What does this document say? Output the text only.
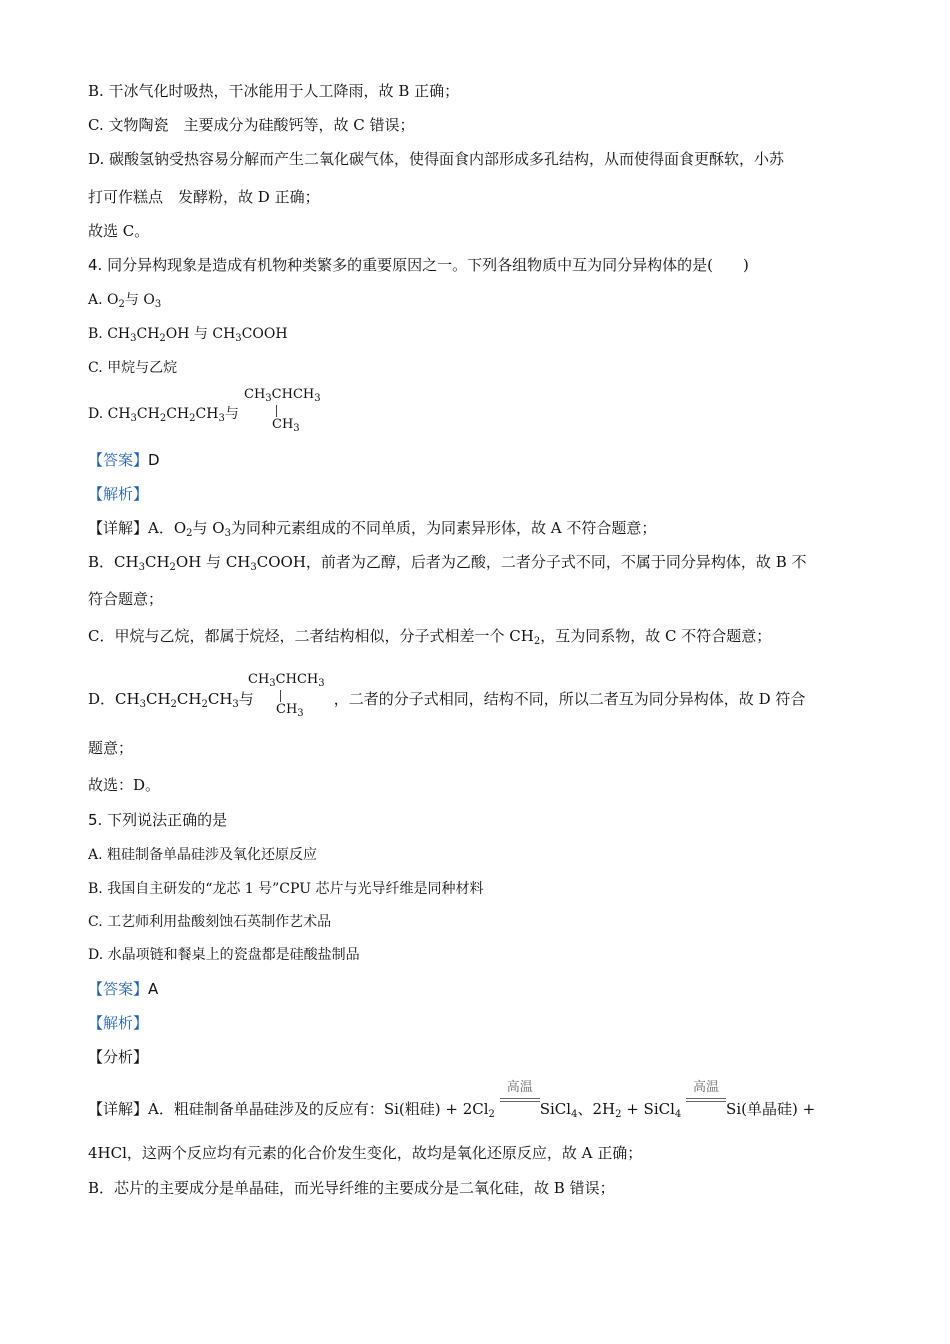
B. 干冰气化时吸热，干冰能用于人工降雨，故 B 正确；
C. 文物陶瓷　主要成分为硅酸钙等，故 C 错误；
D. 碳酸氢钠受热容易分解而产生二氧化碳气体，使得面食内部形成多孔结构，从而使得面食更酥软，小苏
打可作糕点　发酵粉，故 D 正确；
故选 C。
4. 同分异构现象是造成有机物种类繁多的重要原因之一。下列各组物质中互为同分异构体的是(　　)
A. $O_2$与 $O_3$
B. $CH_3CH_2OH$ 与 $CH_3COOH$
C. 甲烷与乙烷
D. $CH_3CH_2CH_2CH_3$与
$CH_3CHCH_3$
$CH_3$
【答案】D
【解析】
【详解】A．$O_2$与 $O_3$为同种元素组成的不同单质，为同素异形体，故 A 不符合题意；
B．$CH_3CH_2OH$ 与 $CH_3COOH$，前者为乙醇，后者为乙酸，二者分子式不同，不属于同分异构体，故 B 不
符合题意；
C．甲烷与乙烷，都属于烷烃，二者结构相似，分子式相差一个 $CH_2$，互为同系物，故 C 不符合题意；
D．$CH_3CH_2CH_2CH_3$与	，二者的分子式相同，结构不同，所以二者互为同分异构体，故 D 符合
$CH_3CHCH_3$
$CH_3$
题意；
故选：D。
5. 下列说法正确的是
A. 粗硅制备单晶硅涉及氧化还原反应
B. 我国自主研发的“龙芯 1 号”CPU 芯片与光导纤维是同种材料
C. 工艺师利用盐酸刻蚀石英制作艺术品
D. 水晶项链和餐桌上的瓷盘都是硅酸盐制品
【答案】A
【解析】
【分析】
【详解】A．粗硅制备单晶硅涉及的反应有：Si(粗硅) + $2Cl_2$
高温
SiCl$_4$、$2H_2$ + SiCl$_4$
高温
Si(单晶硅) +
4HCl，这两个反应均有元素的化合价发生变化，故均是氧化还原反应，故 A 正确；
B．芯片的主要成分是单晶硅，而光导纤维的主要成分是二氧化硅，故 B 错误；
